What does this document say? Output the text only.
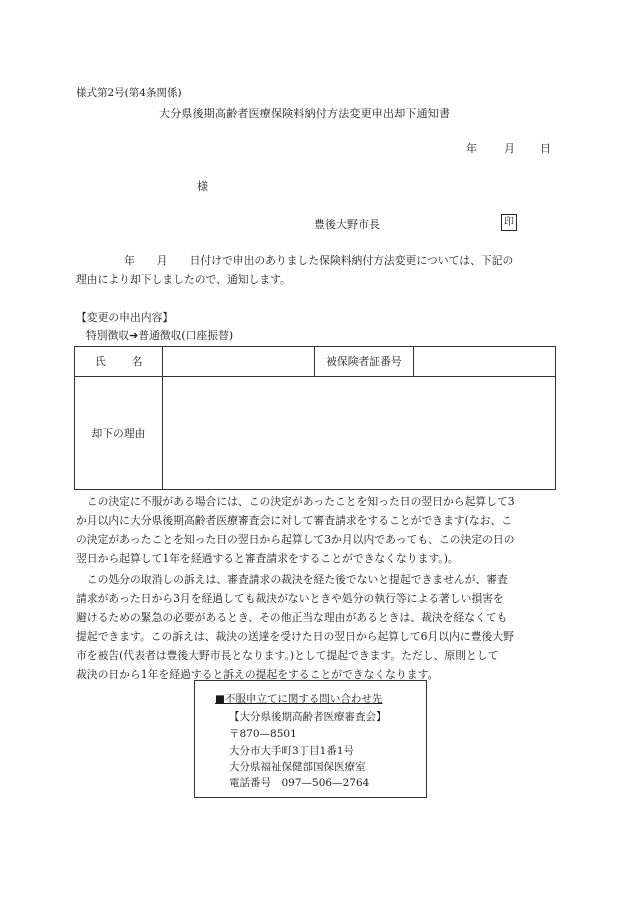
様式第2号(第4条関係)
大分県後期高齢者医療保険料納付方法変更申出却下通知書
年 月 日
様
豊後大野市長	印
年 月 日付けで申出のありました保険料納付方法変更については、下記の
理由により却下しましたので、通知します。
【変更の申出内容】
特別徴収➔普通徴収(口座振替)
氏 名		被保険者証番号	
却下の理由			
　この決定に不服がある場合には、この決定があったことを知った日の翌日から起算して3
か月以内に大分県後期高齢者医療審査会に対して審査請求をすることができます(なお、こ
の決定があったことを知った日の翌日から起算して3か月以内であっても、この決定の日の
翌日から起算して1年を経過すると審査請求をすることができなくなります。)。
　この処分の取消しの訴えは、審査請求の裁決を経た後でないと提起できませんが、審査
請求があった日から3月を経過しても裁決がないときや処分の執行等による著しい損害を
避けるための緊急の必要があるとき、その他正当な理由があるときは、裁決を経なくても
提起できます。この訴えは、裁決の送達を受けた日の翌日から起算して6月以内に豊後大野
市を被告(代表者は豊後大野市長となります。)として提起できます。ただし、原則として
裁決の日から1年を経過すると訴えの提起をすることができなくなります。
■不服申立てに関する問い合わせ先
【大分県後期高齢者医療審査会】
〒870—8501
大分市大手町3丁目1番1号
大分県福祉保健部国保医療室
電話番号　097—506—2764
